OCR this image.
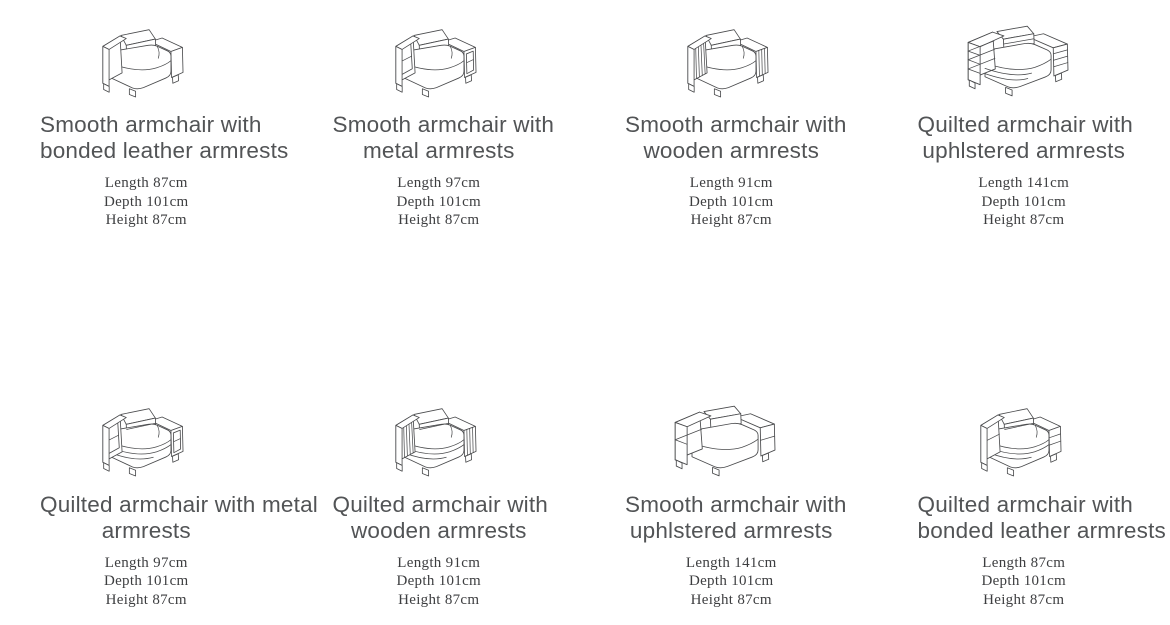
Smooth armchair with
bonded leather armrests
Length 87cm
Depth 101cm
Height 87cm
Smooth armchair with
metal armrests
Length 97cm
Depth 101cm
Height 87cm
Smooth armchair with
wooden armrests
Length 91cm
Depth 101cm
Height 87cm
Quilted armchair with
uphlstered armrests
Length 141cm
Depth 101cm
Height 87cm
Quilted armchair with metal
armrests
Length 97cm
Depth 101cm
Height 87cm
Quilted armchair with
wooden armrests
Length 91cm
Depth 101cm
Height 87cm
Smooth armchair with
uphlstered armrests
Length 141cm
Depth 101cm
Height 87cm
Quilted armchair with
bonded leather armrests
Length 87cm
Depth 101cm
Height 87cm
